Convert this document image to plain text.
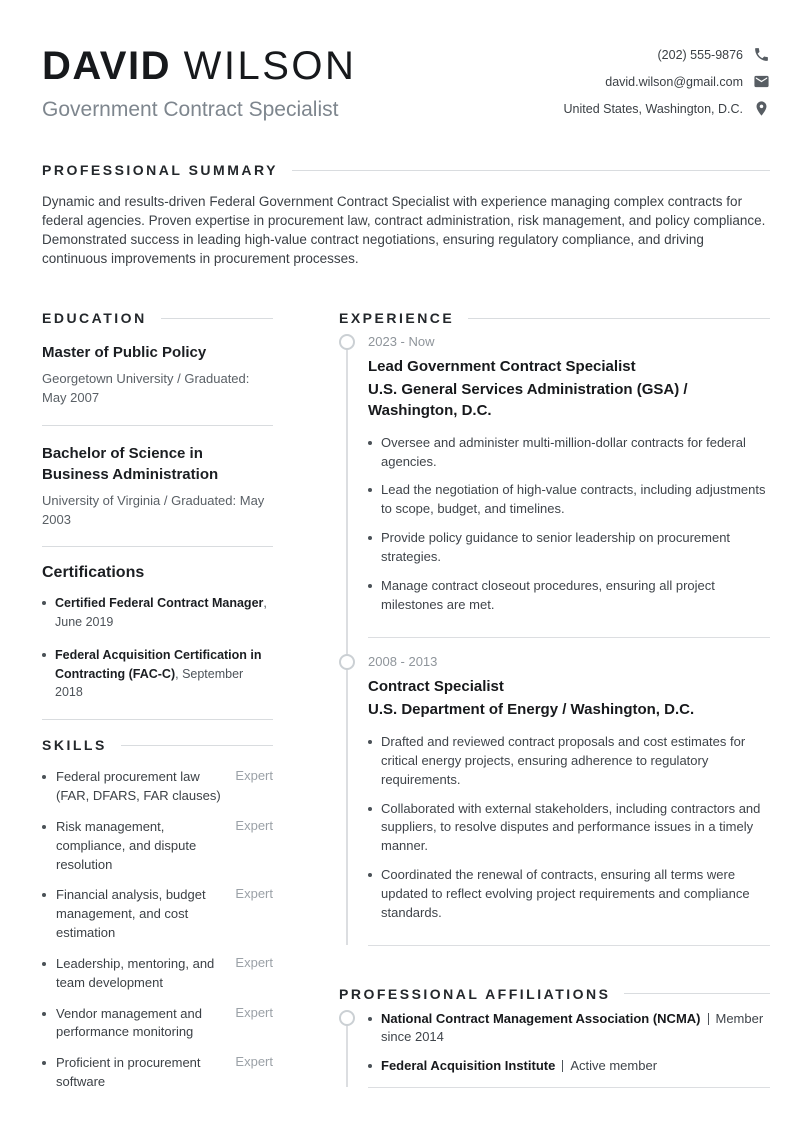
DAVID WILSON
Government Contract Specialist
(202) 555-9876
david.wilson@gmail.com
United States, Washington, D.C.
PROFESSIONAL SUMMARY
Dynamic and results-driven Federal Government Contract Specialist with experience managing complex contracts for federal agencies. Proven expertise in procurement law, contract administration, risk management, and policy compliance. Demonstrated success in leading high-value contract negotiations, ensuring regulatory compliance, and driving continuous improvements in procurement processes.
EDUCATION
Master of Public Policy
Georgetown University / Graduated: May 2007
Bachelor of Science in Business Administration
University of Virginia / Graduated: May 2003
Certifications
Certified Federal Contract Manager, June 2019
Federal Acquisition Certification in Contracting (FAC-C), September 2018
SKILLS
Federal procurement law (FAR, DFARS, FAR clauses)
Expert
Risk management, compliance, and dispute resolution
Expert
Financial analysis, budget management, and cost estimation
Expert
Leadership, mentoring, and team development
Expert
Vendor management and performance monitoring
Expert
Proficient in procurement software
Expert
EXPERIENCE
2023 - Now
Lead Government Contract Specialist
U.S. General Services Administration (GSA) / Washington, D.C.
Oversee and administer multi-million-dollar contracts for federal agencies.
Lead the negotiation of high-value contracts, including adjustments to scope, budget, and timelines.
Provide policy guidance to senior leadership on procurement strategies.
Manage contract closeout procedures, ensuring all project milestones are met.
2008 - 2013
Contract Specialist
U.S. Department of Energy / Washington, D.C.
Drafted and reviewed contract proposals and cost estimates for critical energy projects, ensuring adherence to regulatory requirements.
Collaborated with external stakeholders, including contractors and suppliers, to resolve disputes and performance issues in a timely manner.
Coordinated the renewal of contracts, ensuring all terms were updated to reflect evolving project requirements and compliance standards.
PROFESSIONAL AFFILIATIONS
National Contract Management Association (NCMA) Member since 2014
Federal Acquisition Institute Active member
